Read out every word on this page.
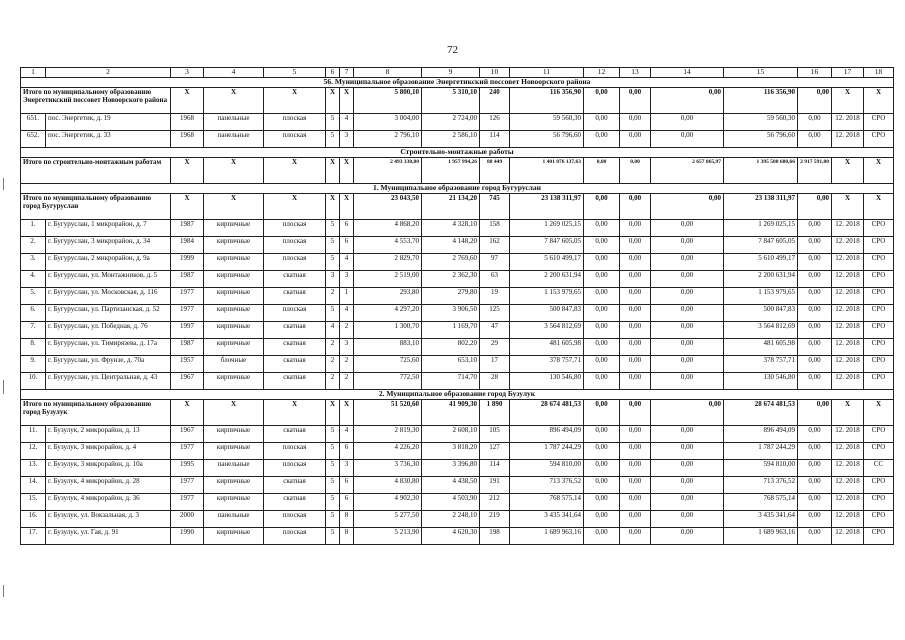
72
1	2	3	4	5	6	7	8	9	10	11	12	13	14	15	16	17	18
56. Муниципальное образование Энергетикский поссовет Новоорского района																	
Итого по муниципальному образованию Энергетикский поссовет Новоорского района		X	X	X	X	X	5 800,10	5 310,10	240	116 356,90	0,00	0,00	0,00	116 356,90	0,00	X	X
651.	пос. Энергетик, д. 19	1968	панельные	плоская	5	4	3 004,00	2 724,00	126	59 560,30	0,00	0,00	0,00	59 560,30	0,00	12. 2018	СРО
652.	пос. Энергетик, д. 33	1968	панельные	плоская	5	3	2 796,10	2 586,10	114	56 796,60	0,00	0,00	0,00	56 796,60	0,00	12. 2018	СРО
Строительно-монтажные работы																	
Итого по строительно-монтажным работам		X	X	X	X	X	2 493 330,80	1 957 994,26	88 449	1 401 076 137,63	0,00	0,00	2 657 865,97	1 395 500 680,66	2 917 591,00	X	X
1. Муниципальное образование город Бугуруслан																	
Итого по муниципальному образованию город Бугуруслан		X	X	X	X	X	23 043,50	21 134,20	745	23 138 311,97	0,00	0,00	0,00	23 138 311,97	0,00	X	X
1.	г. Бугуруслан, 1 микрорайон, д. 7	1987	кирпичные	плоская	5	6	4 868,20	4 328,10	158	1 269 025,15	0,00	0,00	0,00	1 269 025,15	0,00	12. 2018	СРО
2.	г. Бугуруслан, 3 микрорайон, д. 34	1984	кирпичные	плоская	5	6	4 553,70	4 148,20	162	7 847 605,05	0,00	0,00	0,00	7 847 605,05	0,00	12. 2018	СРО
3.	г. Бугуруслан, 2 микрорайон, д. 9а	1999	кирпичные	плоская	5	4	2 829,70	2 769,60	97	5 610 499,17	0,00	0,00	0,00	5 610 499,17	0,00	12. 2018	СРО
4.	г. Бугуруслан, ул. Монтажников, д. 5	1987	кирпичные	скатная	3	3	2 519,00	2 362,30	63	2 200 631,94	0,00	0,00	0,00	2 200 631,94	0,00	12. 2018	СРО
5.	г. Бугуруслан, ул. Московская, д. 116	1977	кирпичные	скатная	2	1	293,80	279,80	19	1 153 979,65	0,00	0,00	0,00	1 153 979,65	0,00	12. 2018	СРО
6.	г. Бугуруслан, ул. Партизанская, д. 52	1977	кирпичные	плоская	5	4	4 297,20	3 906,50	125	500 847,83	0,00	0,00	0,00	500 847,83	0,00	12. 2018	СРО
7.	г. Бугуруслан, ул. Победная, д. 76	1997	кирпичные	скатная	4	2	1 300,70	1 169,70	47	3 564 812,69	0,00	0,00	0,00	3 564 812,69	0,00	12. 2018	СРО
8.	г. Бугуруслан, ул. Тимирязева, д. 17а	1987	кирпичные	скатная	2	3	883,10	802,20	29	481 605,98	0,00	0,00	0,00	481 605,98	0,00	12. 2018	СРО
9.	г. Бугуруслан, ул. Фрунзе, д. 70а	1957	блочные	скатная	2	2	725,60	653,10	17	378 757,71	0,00	0,00	0,00	378 757,71	0,00	12. 2018	СРО
10.	г. Бугуруслан, ул. Центральная, д. 43	1967	кирпичные	скатная	2	2	772,50	714,70	28	130 546,80	0,00	0,00	0,00	130 546,80	0,00	12. 2018	СРО
2. Муниципальное образование город Бузулук																	
Итого по муниципальному образованию город Бузулук		X	X	X	X	X	51 520,60	41 909,30	1 890	28 674 481,53	0,00	0,00	0,00	28 674 481,53	0,00	X	X
11.	г. Бузулук, 2 микрорайон, д. 13	1967	кирпичные	скатная	5	4	2 819,30	2 608,10	105	896 494,09	0,00	0,00	0,00	896 494,09	0,00	12. 2018	СРО
12.	г. Бузулук, 3 микрорайон, д. 4	1977	кирпичные	плоская	5	6	4 226,20	3 818,20	127	1 787 244,29	0,00	0,00	0,00	1 787 244,29	0,00	12. 2018	СРО
13.	г. Бузулук, 3 микрорайон, д. 10а	1995	панельные	плоская	5	3	3 736,30	3 396,80	114	594 810,00	0,00	0,00	0,00	594 810,00	0,00	12. 2018	СС
14.	г. Бузулук, 4 микрорайон, д. 28	1977	кирпичные	скатная	5	6	4 830,80	4 438,50	191	713 376,52	0,00	0,00	0,00	713 376,52	0,00	12. 2018	СРО
15.	г. Бузулук, 4 микрорайон, д. 36	1977	кирпичные	скатная	5	6	4 902,30	4 503,90	212	768 575,14	0,00	0,00	0,00	768 575,14	0,00	12. 2018	СРО
16.	г. Бузулук, ул. Вокзальная, д. 3	2000	панельные	плоская	5	8	5 277,50	2 248,10	219	3 435 341,64	0,00	0,00	0,00	3 435 341,64	0,00	12. 2018	СРО
17.	г. Бузулук, ул. Гая, д. 91	1990	кирпичные	плоская	5	8	5 213,90	4 620,30	198	1 689 963,16	0,00	0,00	0,00	1 689 963,16	0,00	12. 2018	СРО
